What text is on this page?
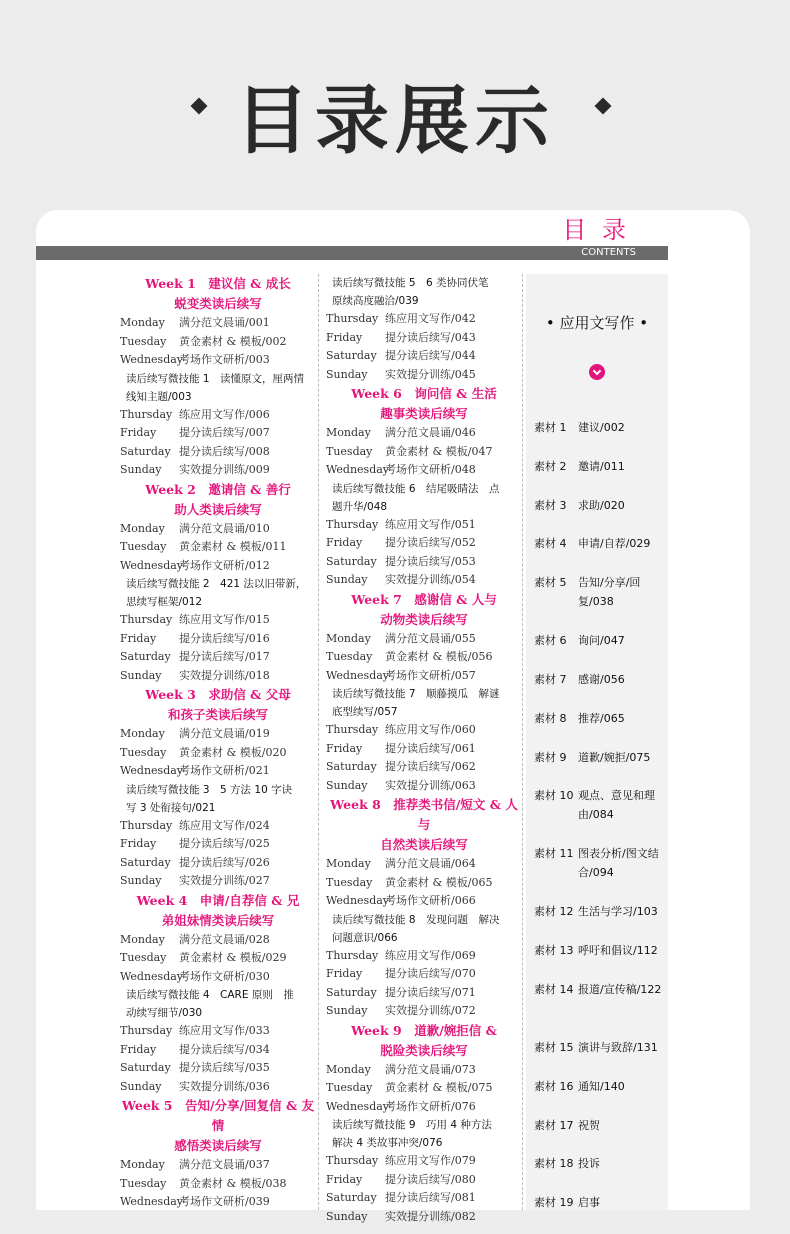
目录展示
目 录
CONTENTS
Week 1　建议信 & 成长
蜕变类读后续写
Monday 满分范文晨诵/001
Tuesday 黄金素材 & 模板/002
Wednesday考场作文研析/003
读后续写微技能 1　 读懂原文，厘两情
线知主题/003
Thursday 练应用文写作/006
Friday 提分读后续写/007
Saturday 提分读后续写/008
Sunday 实效提分训练/009
Week 2　邀请信 & 善行
助人类读后续写
Monday 满分范文晨诵/010
Tuesday 黄金素材 & 模板/011
Wednesday考场作文研析/012
读后续写微技能 2　 421 法以旧带新，
思续写框架/012
Thursday 练应用文写作/015
Friday 提分读后续写/016
Saturday 提分读后续写/017
Sunday 实效提分训练/018
Week 3　求助信 & 父母
和孩子类读后续写
Monday 满分范文晨诵/019
Tuesday 黄金素材 & 模板/020
Wednesday考场作文研析/021
读后续写微技能 3　 5 方法 10 字诀
写 3 处衔接句/021
Thursday 练应用文写作/024
Friday 提分读后续写/025
Saturday 提分读后续写/026
Sunday 实效提分训练/027
Week 4　申请/自荐信 & 兄
弟姐妹情类读后续写
Monday 满分范文晨诵/028
Tuesday 黄金素材 & 模板/029
Wednesday考场作文研析/030
读后续写微技能 4　 CARE 原则　推
动续写细节/030
Thursday 练应用文写作/033
Friday 提分读后续写/034
Saturday 提分读后续写/035
Sunday 实效提分训练/036
Week 5　告知/分享/回复信 & 友情
感悟类读后续写
Monday 满分范文晨诵/037
Tuesday 黄金素材 & 模板/038
Wednesday考场作文研析/039
读后续写微技能 5　 6 类协同伏笔
原续高度融洽/039
Thursday 练应用文写作/042
Friday 提分读后续写/043
Saturday 提分读后续写/044
Sunday 实效提分训练/045
Week 6　询问信 & 生活
趣事类读后续写
Monday 满分范文晨诵/046
Tuesday 黄金素材 & 模板/047
Wednesday考场作文研析/048
读后续写微技能 6　 结尾吸睛法　点
题升华/048
Thursday 练应用文写作/051
Friday 提分读后续写/052
Saturday 提分读后续写/053
Sunday 实效提分训练/054
Week 7　感谢信 & 人与
动物类读后续写
Monday 满分范文晨诵/055
Tuesday 黄金素材 & 模板/056
Wednesday考场作文研析/057
读后续写微技能 7　 顺藤摸瓜　解谜
底型续写/057
Thursday 练应用文写作/060
Friday 提分读后续写/061
Saturday 提分读后续写/062
Sunday 实效提分训练/063
Week 8　推荐类书信/短文 & 人与
自然类读后续写
Monday 满分范文晨诵/064
Tuesday 黄金素材 & 模板/065
Wednesday考场作文研析/066
读后续写微技能 8　 发现问题　解决
问题意识/066
Thursday 练应用文写作/069
Friday 提分读后续写/070
Saturday 提分读后续写/071
Sunday 实效提分训练/072
Week 9　道歉/婉拒信 &
脱险类读后续写
Monday 满分范文晨诵/073
Tuesday 黄金素材 & 模板/075
Wednesday考场作文研析/076
读后续写微技能 9　 巧用 4 种方法
解决 4 类故事冲突/076
Thursday 练应用文写作/079
Friday 提分读后续写/080
Saturday 提分读后续写/081
Sunday 实效提分训练/082
• 应用文写作 •
素材 1 建议/002
素材 2 邀请/011
素材 3 求助/020
素材 4 申请/自荐/029
素材 5 告知/分享/回复/038
素材 6 询问/047
素材 7 感谢/056
素材 8 推荐/065
素材 9 道歉/婉拒/075
素材 10 观点、意见和理由/084
素材 11 图表分析/图文结合/094
素材 12 生活与学习/103
素材 13 呼吁和倡议/112
素材 14 报道/宣传稿/122
素材 15 演讲与致辞/131
素材 16 通知/140
素材 17 祝贺
素材 18 投诉
素材 19 启事
